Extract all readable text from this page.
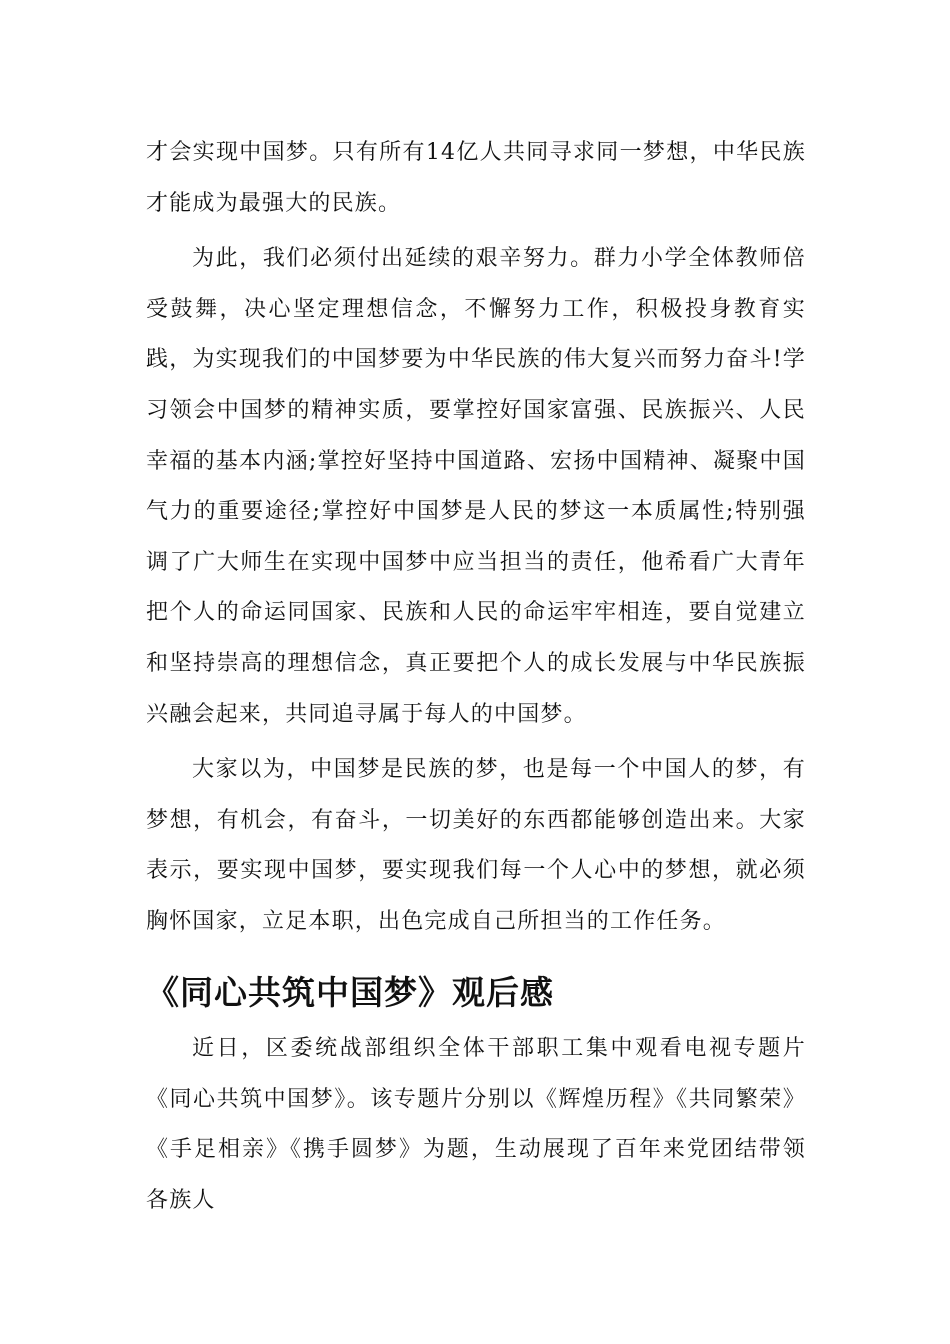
才会实现中国梦。只有所有14亿人共同寻求同一梦想，中华民族才能成为最强大的民族。

为此，我们必须付出延续的艰辛努力。群力小学全体教师倍受鼓舞，决心坚定理想信念，不懈努力工作，积极投身教育实践，为实现我们的中国梦要为中华民族的伟大复兴而努力奋斗!学习领会中国梦的精神实质，要掌控好国家富强、民族振兴、人民幸福的基本内涵;掌控好坚持中国道路、宏扬中国精神、凝聚中国气力的重要途径;掌控好中国梦是人民的梦这一本质属性;特别强调了广大师生在实现中国梦中应当担当的责任，他希看广大青年把个人的命运同国家、民族和人民的命运牢牢相连，要自觉建立和坚持崇高的理想信念，真正要把个人的成长发展与中华民族振兴融会起来，共同追寻属于每人的中国梦。

大家以为，中国梦是民族的梦，也是每一个中国人的梦，有梦想，有机会，有奋斗，一切美好的东西都能够创造出来。大家表示，要实现中国梦，要实现我们每一个人心中的梦想，就必须胸怀国家，立足本职，出色完成自己所担当的工作任务。

《同心共筑中国梦》观后感

近日，区委统战部组织全体干部职工集中观看电视专题片《同心共筑中国梦》。该专题片分别以《辉煌历程》《共同繁荣》《手足相亲》《携手圆梦》为题，生动展现了百年来党团结带领各族人
